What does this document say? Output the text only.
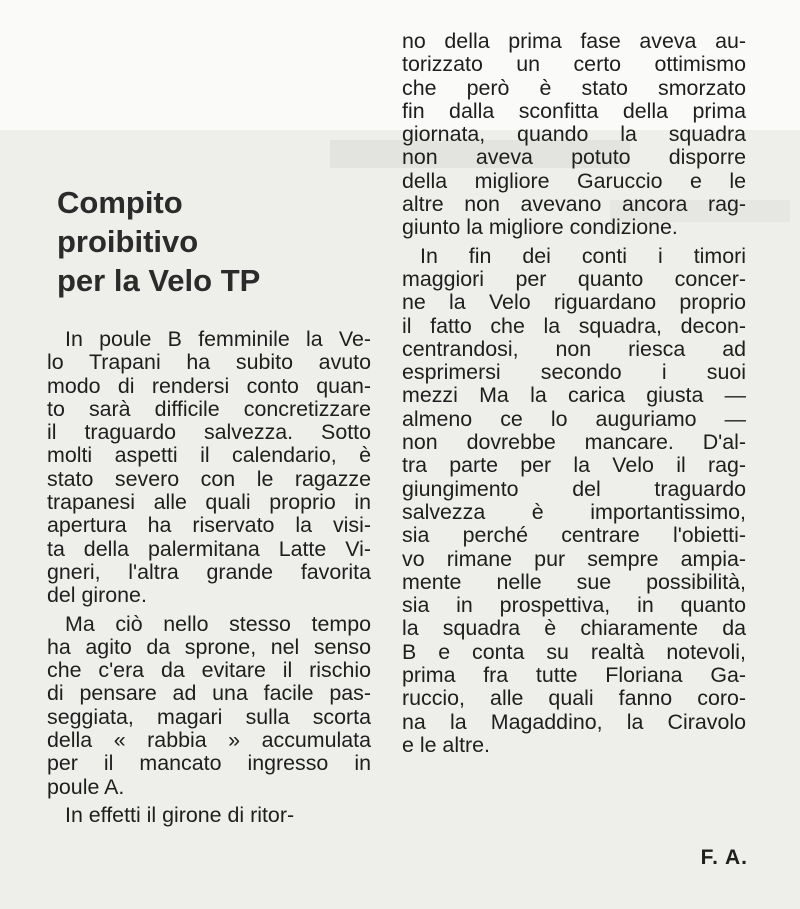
Compito
proibitivo
per la Velo TP

In poule B femminile la Ve-
lo Trapani ha subito avuto
modo di rendersi conto quan-
to sarà difficile concretizzare
il traguardo salvezza. Sotto
molti aspetti il calendario, è
stato severo con le ragazze
trapanesi alle quali proprio in
apertura ha riservato la visi-
ta della palermitana Latte Vi-
gneri, l'altra grande favorita
del girone.

Ma ciò nello stesso tempo
ha agito da sprone, nel senso
che c'era da evitare il rischio
di pensare ad una facile pas-
seggiata, magari sulla scorta
della « rabbia » accumulata
per il mancato ingresso in
poule A.

In effetti il girone di ritor-

no della prima fase aveva au-
torizzato un certo ottimismo
che però è stato smorzato
fin dalla sconfitta della prima
giornata, quando la squadra
non aveva potuto disporre
della migliore Garuccio e le
altre non avevano ancora rag-
giunto la migliore condizione.

In fin dei conti i timori
maggiori per quanto concer-
ne la Velo riguardano proprio
il fatto che la squadra, decon-
centrandosi, non riesca ad
esprimersi secondo i suoi
mezzi Ma la carica giusta —
almeno ce lo auguriamo —
non dovrebbe mancare. D'al-
tra parte per la Velo il rag-
giungimento del traguardo
salvezza è importantissimo,
sia perché centrare l'obietti-
vo rimane pur sempre ampia-
mente nelle sue possibilità,
sia in prospettiva, in quanto
la squadra è chiaramente da
B e conta su realtà notevoli,
prima fra tutte Floriana Ga-
ruccio, alle quali fanno coro-
na la Magaddino, la Ciravolo
e le altre.

F. A.
